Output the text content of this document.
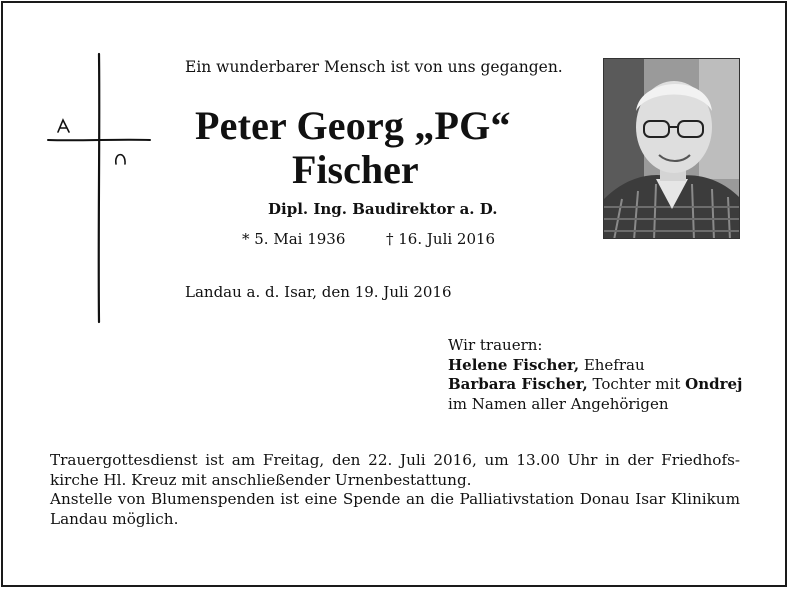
Ein wunderbarer Mensch ist von uns gegangen.
Peter Georg „PG“
Fischer
Dipl. Ing. Baudirektor a. D.
* 5. Mai 1936	† 16. Juli 2016
Landau a. d. Isar, den 19. Juli 2016
Wir trauern:
Helene Fischer, Ehefrau
Barbara Fischer, Tochter mit Ondrej
im Namen aller Angehörigen

Trauergottesdienst ist am Freitag, den 22. Juli 2016, um 13.00 Uhr in der Friedhofskirche Hl. Kreuz mit anschließender Urnenbestattung.

Anstelle von Blumenspenden ist eine Spende an die Palliativstation Donau Isar Klinikum Landau möglich.
